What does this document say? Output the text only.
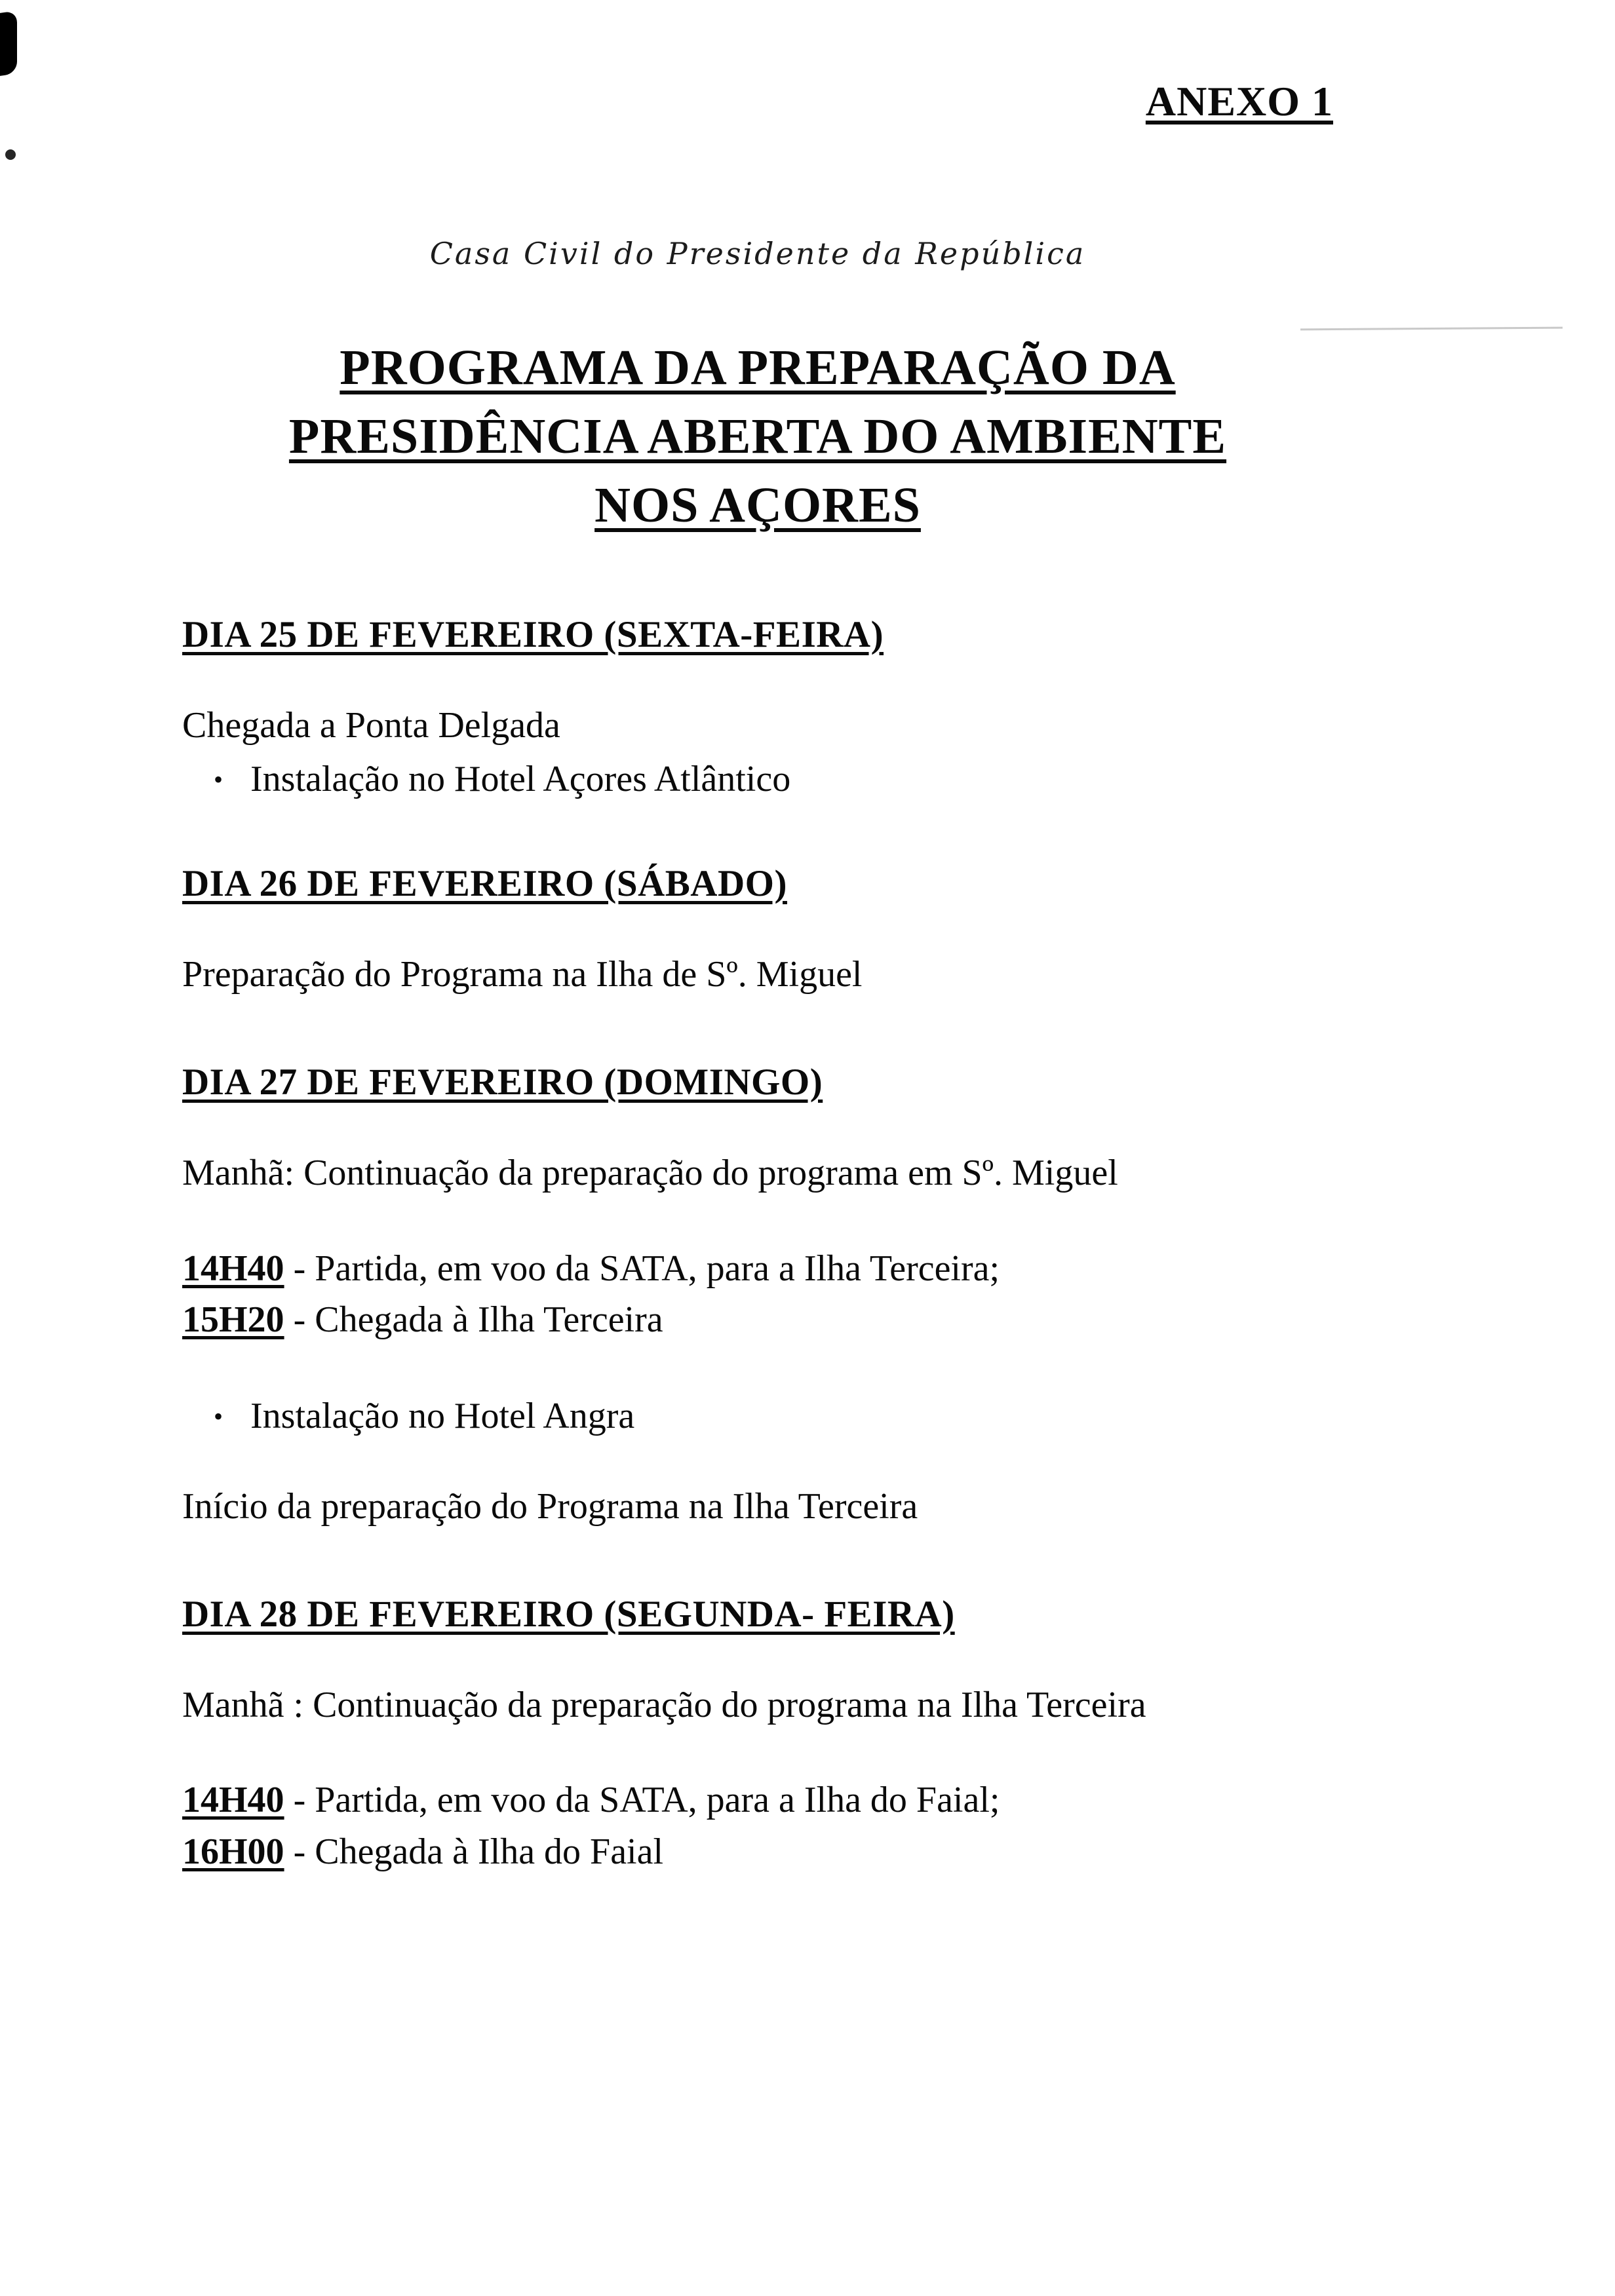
ANEXO 1
Casa Civil do Presidente da República
PROGRAMA DA PREPARAÇÃO DA
PRESIDÊNCIA ABERTA DO AMBIENTE
NOS AÇORES
DIA 25 DE FEVEREIRO (SEXTA-FEIRA)

Chegada a Ponta Delgada

• Instalação no Hotel Açores Atlântico
DIA 26 DE FEVEREIRO (SÁBADO)

Preparação do Programa na Ilha de Sº. Miguel

DIA 27 DE FEVEREIRO (DOMINGO)

Manhã: Continuação da preparação do programa em Sº. Miguel

14H40 - Partida, em voo da SATA, para a Ilha Terceira;
15H20 - Chegada à Ilha Terceira
• Instalação no Hotel Angra

Início da preparação do Programa na Ilha Terceira

DIA 28 DE FEVEREIRO (SEGUNDA- FEIRA)

Manhã : Continuação da preparação do programa na Ilha Terceira

14H40 - Partida, em voo da SATA, para a Ilha do Faial;
16H00 - Chegada à Ilha do Faial
